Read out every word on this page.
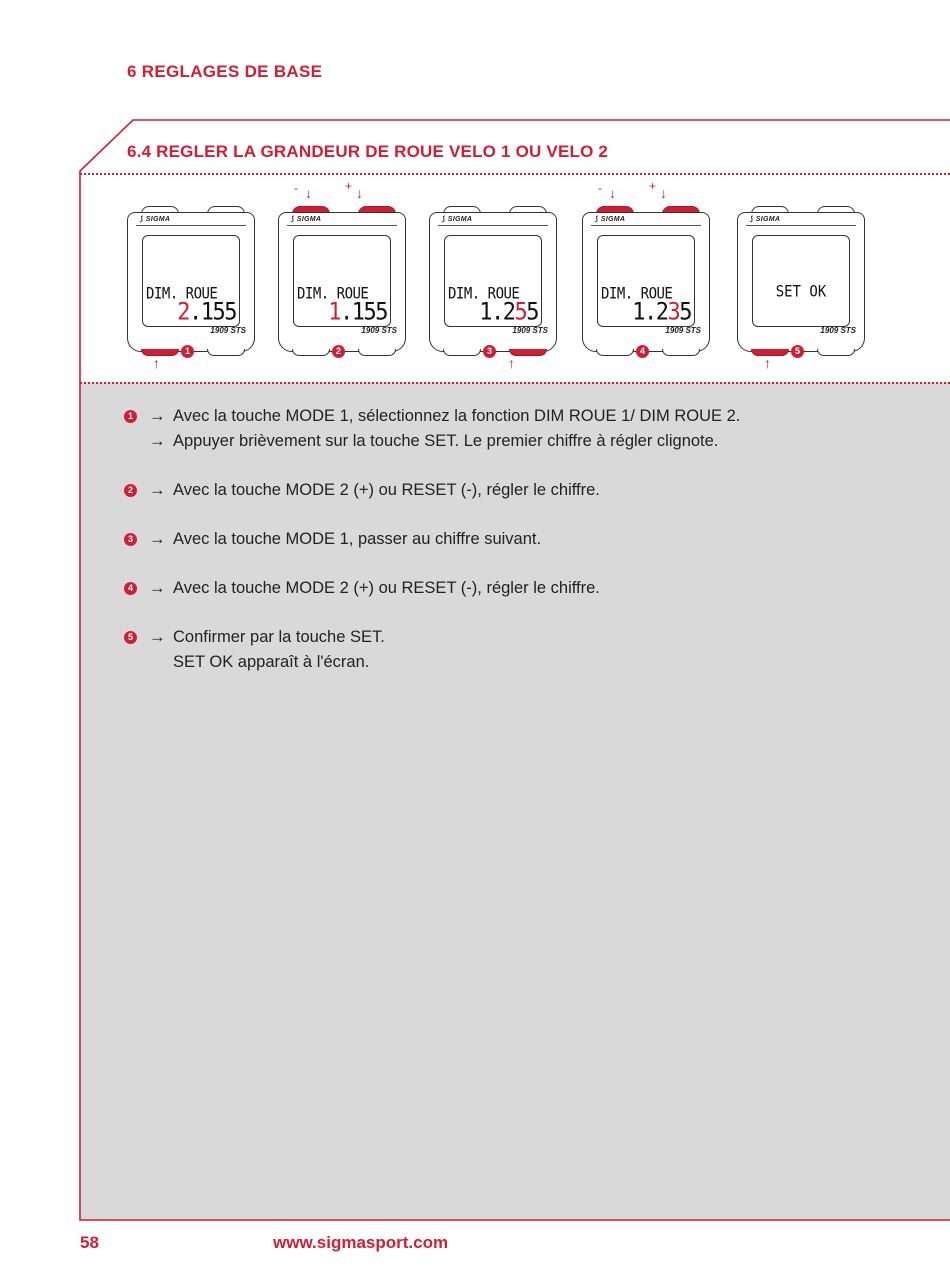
6 REGLAGES DE BASE
6.4 REGLER LA GRANDEUR DE ROUE VELO 1 OU VELO 2
⟆ SIGMA
DIM. ROUE
2.155
1909 STS
1
↑
⟆ SIGMA
DIM. ROUE
1.155
1909 STS
2
- ↓	+ ↓
⟆ SIGMA
DIM. ROUE
1.255
1909 STS
3
↑
⟆ SIGMA
DIM. ROUE
1.235
1909 STS
4
- ↓	+ ↓
⟆ SIGMA
SET OK
1909 STS
5
↑
1 → Avec la touche MODE 1, sélectionnez la fonction DIM ROUE 1/ DIM ROUE 2.
→ Appuyer brièvement sur la touche SET. Le premier chiffre à régler clignote.
2 → Avec la touche MODE 2 (+) ou RESET (-), régler le chiffre.
3 → Avec la touche MODE 1, passer au chiffre suivant.
4 → Avec la touche MODE 2 (+) ou RESET (-), régler le chiffre.
5 → Confirmer par la touche SET.
SET OK apparaît à l'écran.
58	www.sigmasport.com
